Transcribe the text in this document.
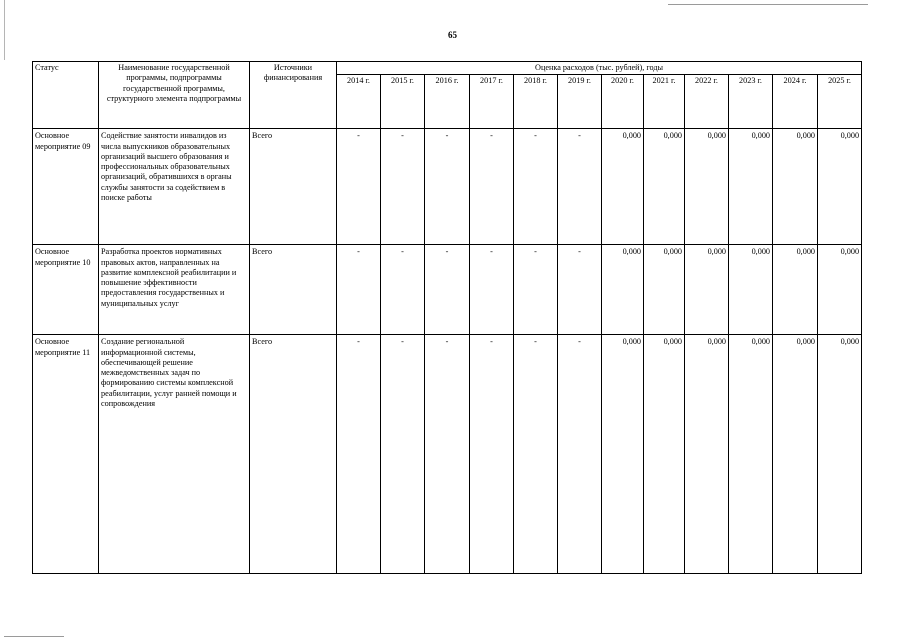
65
Статус	Наименование государственной программы, подпрограммы государственной программы, структурного элемента подпрограммы	Источники финансирования	Оценка расходов (тыс. рублей), годы											
			2014 г.	2015 г.	2016 г.	2017 г.	2018 г.	2019 г.	2020 г.	2021 г.	2022 г.	2023 г.	2024 г.	2025 г.
Основное мероприятие 09	Содействие занятости инвалидов из числа выпускников образовательных организаций высшего образования и профессиональных образовательных организаций, обратившихся в органы службы занятости за содействием в поиске работы	Всего	-	-	-	-	-	-	0,000	0,000	0,000	0,000	0,000	0,000
Основное мероприятие 10	Разработка проектов нормативных правовых актов, направленных на развитие комплексной реабилитации и повышение эффективности предоставления государственных и муниципальных услуг	Всего	-	-	-	-	-	-	0,000	0,000	0,000	0,000	0,000	0,000
Основное мероприятие 11	Создание региональной информационной системы, обеспечивающей решение межведомственных задач по формированию системы комплексной реабилитации, услуг ранней помощи и сопровождения	Всего	-	-	-	-	-	-	0,000	0,000	0,000	0,000	0,000	0,000
